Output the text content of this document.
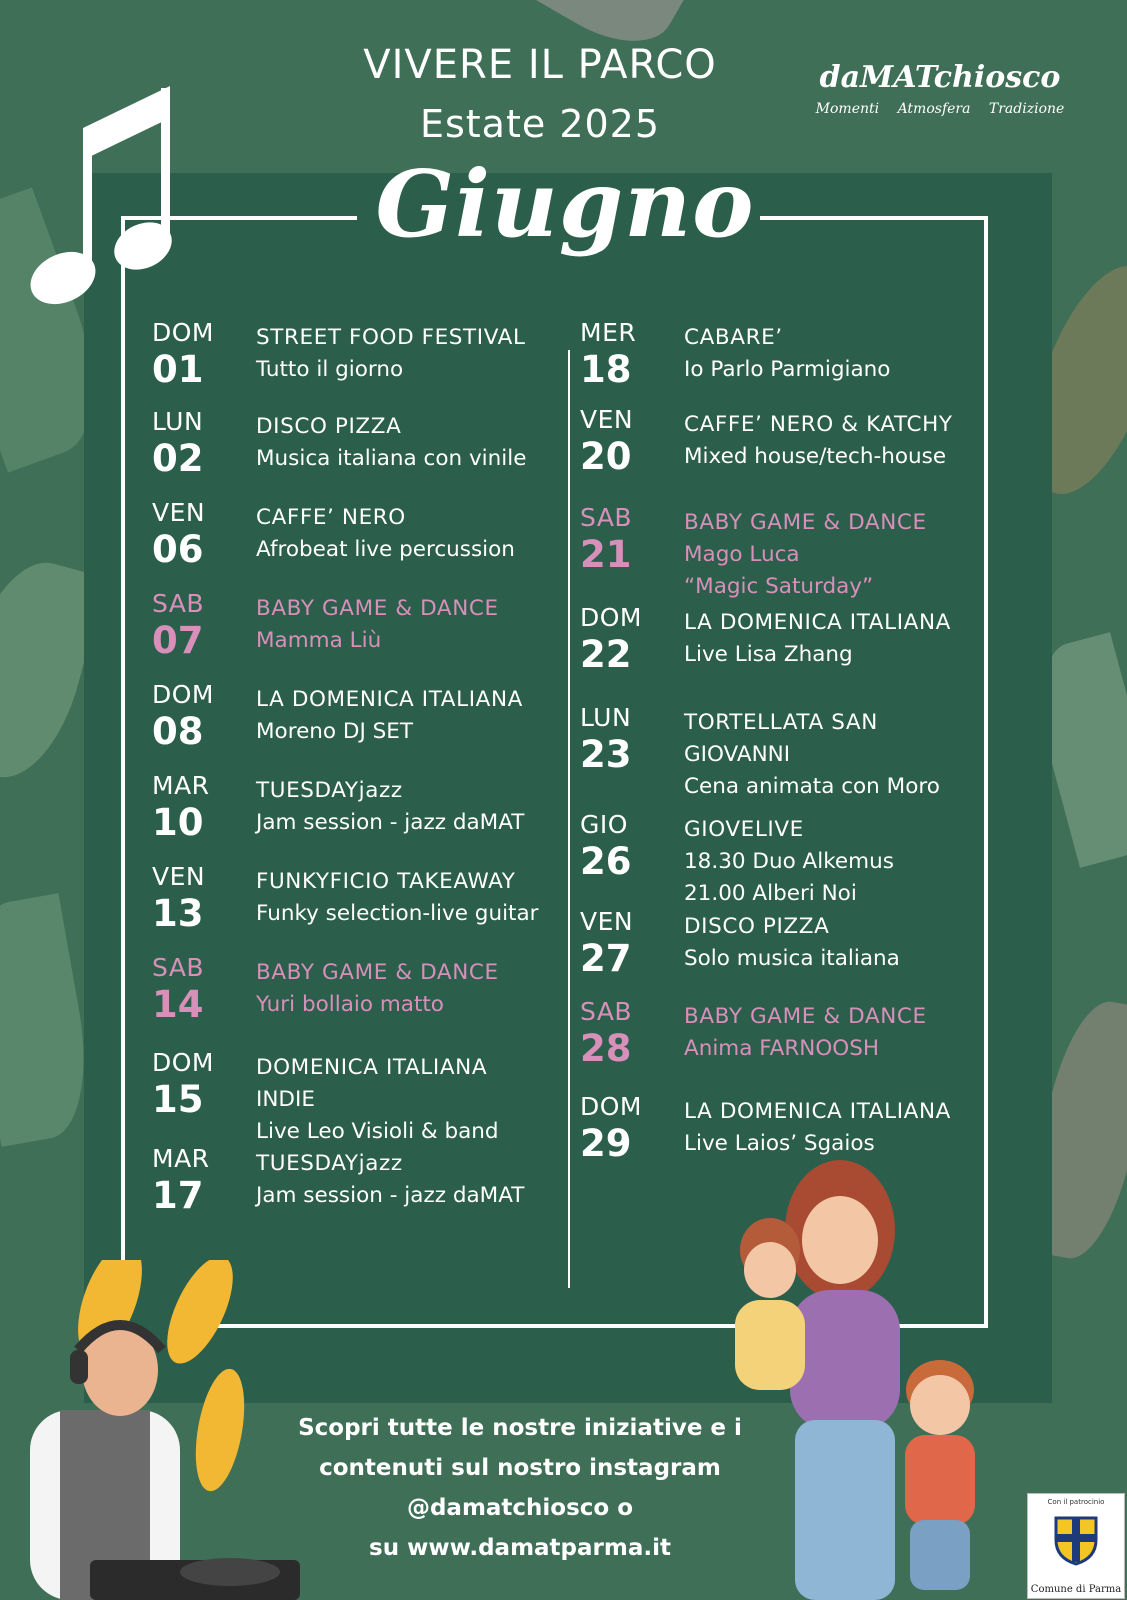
VIVERE IL PARCO
Estate 2025
daMATchiosco
Momenti Atmosfera Tradizione
Giugno
DOM
01
STREET FOOD FESTIVAL
Tutto il giorno
LUN
02
DISCO PIZZA
Musica italiana con vinile
VEN
06
CAFFE’ NERO
Afrobeat live percussion
SAB
07
BABY GAME & DANCE
Mamma Liù
DOM
08
LA DOMENICA ITALIANA
Moreno DJ SET
MAR
10
TUESDAYjazz
Jam session - jazz daMAT
VEN
13
FUNKYFICIO TAKEAWAY
Funky selection-live guitar
SAB
14
BABY GAME & DANCE
Yuri bollaio matto
DOM
15
DOMENICA ITALIANA
INDIE
Live Leo Visioli & band
MAR
17
TUESDAYjazz
Jam session - jazz daMAT
MER
18
CABARE’
Io Parlo Parmigiano
VEN
20
CAFFE’ NERO & KATCHY
Mixed house/tech-house
SAB
21
BABY GAME & DANCE
Mago Luca
“Magic Saturday”
DOM
22
LA DOMENICA ITALIANA
Live Lisa Zhang
LUN
23
TORTELLATA SAN
GIOVANNI
Cena animata con Moro
GIO
26
GIOVELIVE
18.30 Duo Alkemus
21.00 Alberi Noi
VEN
27
DISCO PIZZA
Solo musica italiana
SAB
28
BABY GAME & DANCE
Anima FARNOOSH
DOM
29
LA DOMENICA ITALIANA
Live Laios’ Sgaios
Scopri tutte le nostre iniziative e i
contenuti sul nostro instagram
@damatchiosco o
su www.damatparma.it
Con il patrocinio
Comune di Parma
